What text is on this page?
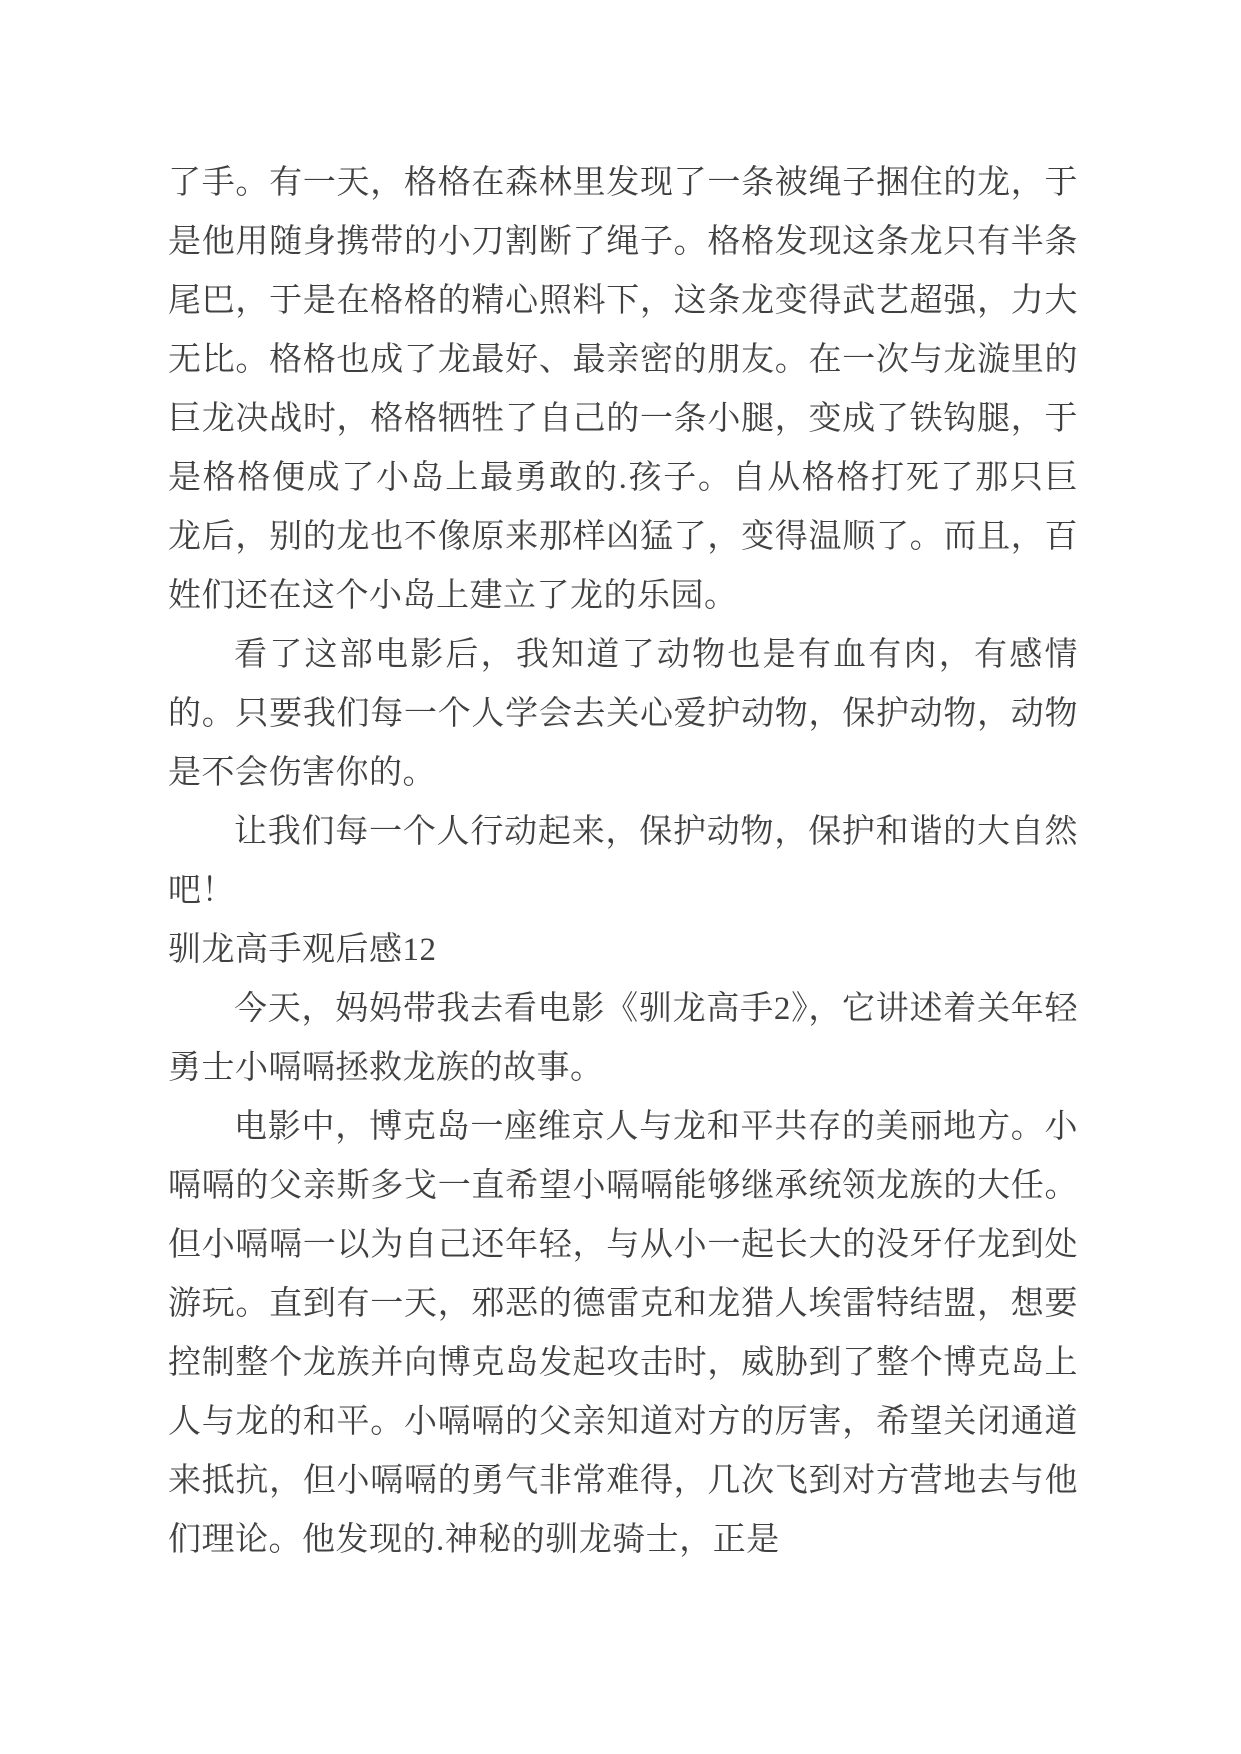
了手。有一天，格格在森林里发现了一条被绳子捆住的龙，于是他用随身携带的小刀割断了绳子。格格发现这条龙只有半条尾巴，于是在格格的精心照料下，这条龙变得武艺超强，力大无比。格格也成了龙最好、最亲密的朋友。在一次与龙漩里的巨龙决战时，格格牺牲了自己的一条小腿，变成了铁钩腿，于是格格便成了小岛上最勇敢的.孩子。自从格格打死了那只巨龙后，别的龙也不像原来那样凶猛了，变得温顺了。而且，百姓们还在这个小岛上建立了龙的乐园。

看了这部电影后，我知道了动物也是有血有肉，有感情的。只要我们每一个人学会去关心爱护动物，保护动物，动物是不会伤害你的。

让我们每一个人行动起来，保护动物，保护和谐的大自然吧！

驯龙高手观后感12

今天，妈妈带我去看电影《驯龙高手2》，它讲述着关年轻勇士小嗝嗝拯救龙族的故事。

电影中，博克岛一座维京人与龙和平共存的美丽地方。小嗝嗝的父亲斯多戈一直希望小嗝嗝能够继承统领龙族的大任。但小嗝嗝一以为自己还年轻，与从小一起长大的没牙仔龙到处游玩。直到有一天，邪恶的德雷克和龙猎人埃雷特结盟，想要控制整个龙族并向博克岛发起攻击时，威胁到了整个博克岛上人与龙的和平。小嗝嗝的父亲知道对方的厉害，希望关闭通道来抵抗，但小嗝嗝的勇气非常难得，几次飞到对方营地去与他们理论。他发现的.神秘的驯龙骑士，正是
